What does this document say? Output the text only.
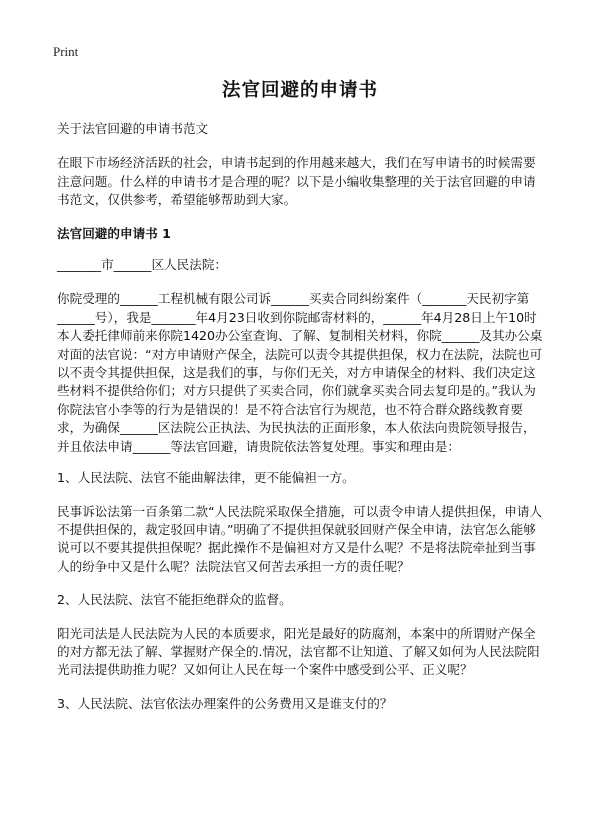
Print
法官回避的申请书

关于法官回避的申请书范文

在眼下市场经济活跃的社会，申请书起到的作用越来越大，我们在写申请书的时候需要注意问题。什么样的申请书才是合理的呢？以下是小编收集整理的关于法官回避的申请书范文，仅供参考，希望能够帮助到大家。

法官回避的申请书 1

_______市______区人民法院：

你院受理的______工程机械有限公司诉______买卖合同纠纷案件（_______天民初字第______号），我是_______年4月23日收到你院邮寄材料的，______年4月28日上午10时本人委托律师前来你院1420办公室查询、了解、复制相关材料，你院______及其办公桌对面的法官说：“对方申请财产保全，法院可以责令其提供担保，权力在法院，法院也可以不责令其提供担保，这是我们的事，与你们无关，对方申请保全的材料、我们决定这些材料不提供给你们；对方只提供了买卖合同，你们就拿买卖合同去复印是的。”我认为你院法官小李等的行为是错误的！是不符合法官行为规范，也不符合群众路线教育要求，为确保______区法院公正执法、为民执法的正面形象，本人依法向贵院领导报告，并且依法申请______等法官回避，请贵院依法答复处理。事实和理由是：

1、人民法院、法官不能曲解法律，更不能偏袒一方。

民事诉讼法第一百条第二款“人民法院采取保全措施，可以责令申请人提供担保，申请人不提供担保的，裁定驳回申请。”明确了不提供担保就驳回财产保全申请，法官怎么能够说可以不要其提供担保呢？据此操作不是偏袒对方又是什么呢？不是将法院牵扯到当事人的纷争中又是什么呢？法院法官又何苦去承担一方的责任呢？

2、人民法院、法官不能拒绝群众的监督。

阳光司法是人民法院为人民的本质要求，阳光是最好的防腐剂，本案中的所谓财产保全的对方都无法了解、掌握财产保全的.情况，法官都不让知道、了解又如何为人民法院阳光司法提供助推力呢？又如何让人民在每一个案件中感受到公平、正义呢？

3、人民法院、法官依法办理案件的公务费用又是谁支付的？
